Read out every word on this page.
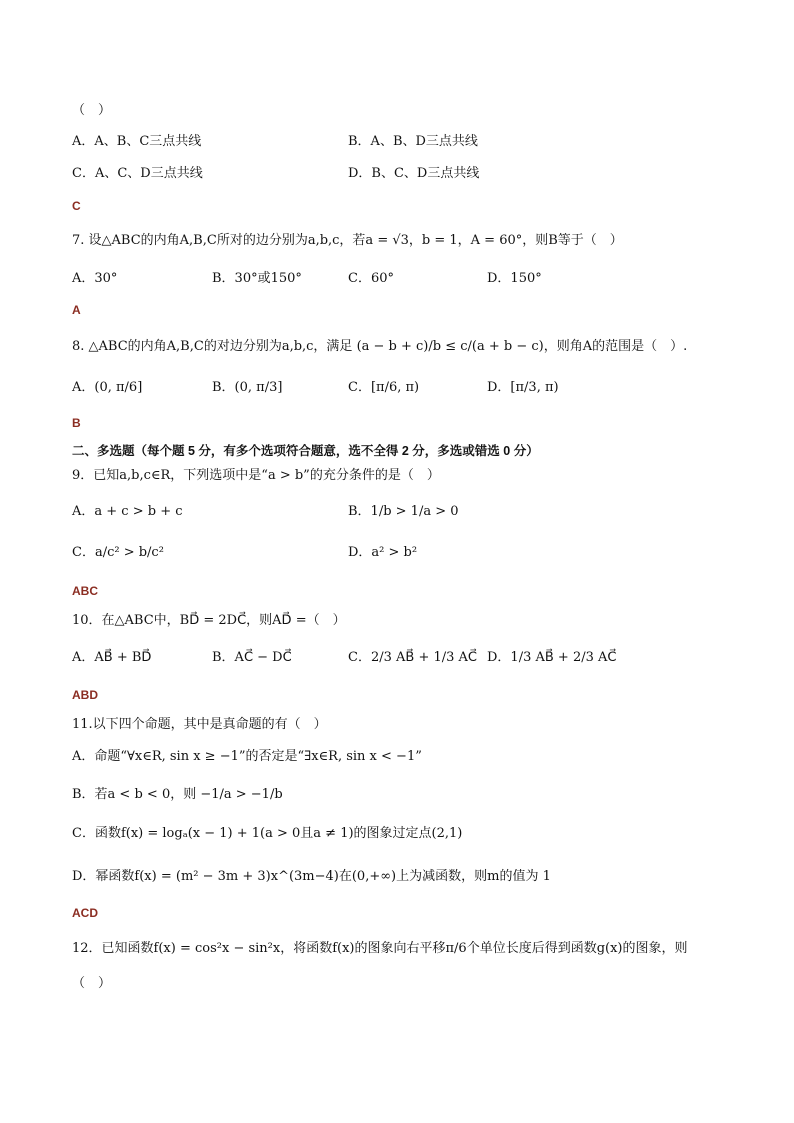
（　）
A．A、B、C三点共线	B．A、B、D三点共线
C．A、C、D三点共线	D．B、C、D三点共线
C
7. 设△ABC的内角A,B,C所对的边分别为a,b,c，若a = √3，b = 1，A = 60°，则B等于（　）
A．30°	B．30°或150°	C．60°	D．150°
A
8. △ABC的内角A,B,C的对边分别为a,b,c，满足 (a − b + c)/b ≤ c/(a + b − c)，则角A的范围是（　）.
A．(0, π/6]	B．(0, π/3]	C．[π/6, π)	D．[π/3, π)
B
二、多选题（每个题 5 分，有多个选项符合题意，选不全得 2 分，多选或错选 0 分）
9．已知a,b,c∈R，下列选项中是“a > b”的充分条件的是（　）
A．a + c > b + c	B．1/b > 1/a > 0
C．a/c² > b/c²	D．a² > b²
ABC
10．在△ABC中，BD⃗ = 2DC⃗，则AD⃗ =（　）
A．AB⃗ + BD⃗	B．AC⃗ − DC⃗	C．2/3 AB⃗ + 1/3 AC⃗ D．1/3 AB⃗ + 2/3 AC⃗
ABD
11.以下四个命题，其中是真命题的有（　）
A．命题“∀x∈R, sin x ≥ −1”的否定是“∃x∈R, sin x < −1”
B．若a < b < 0，则 −1/a > −1/b
C．函数f(x) = logₐ(x − 1) + 1(a > 0且a ≠ 1)的图象过定点(2,1)
D．幂函数f(x) = (m² − 3m + 3)x^(3m−4)在(0,+∞)上为减函数，则m的值为 1
ACD
12．已知函数f(x) = cos²x − sin²x，将函数f(x)的图象向右平移π/6个单位长度后得到函数g(x)的图象，则
（　）
